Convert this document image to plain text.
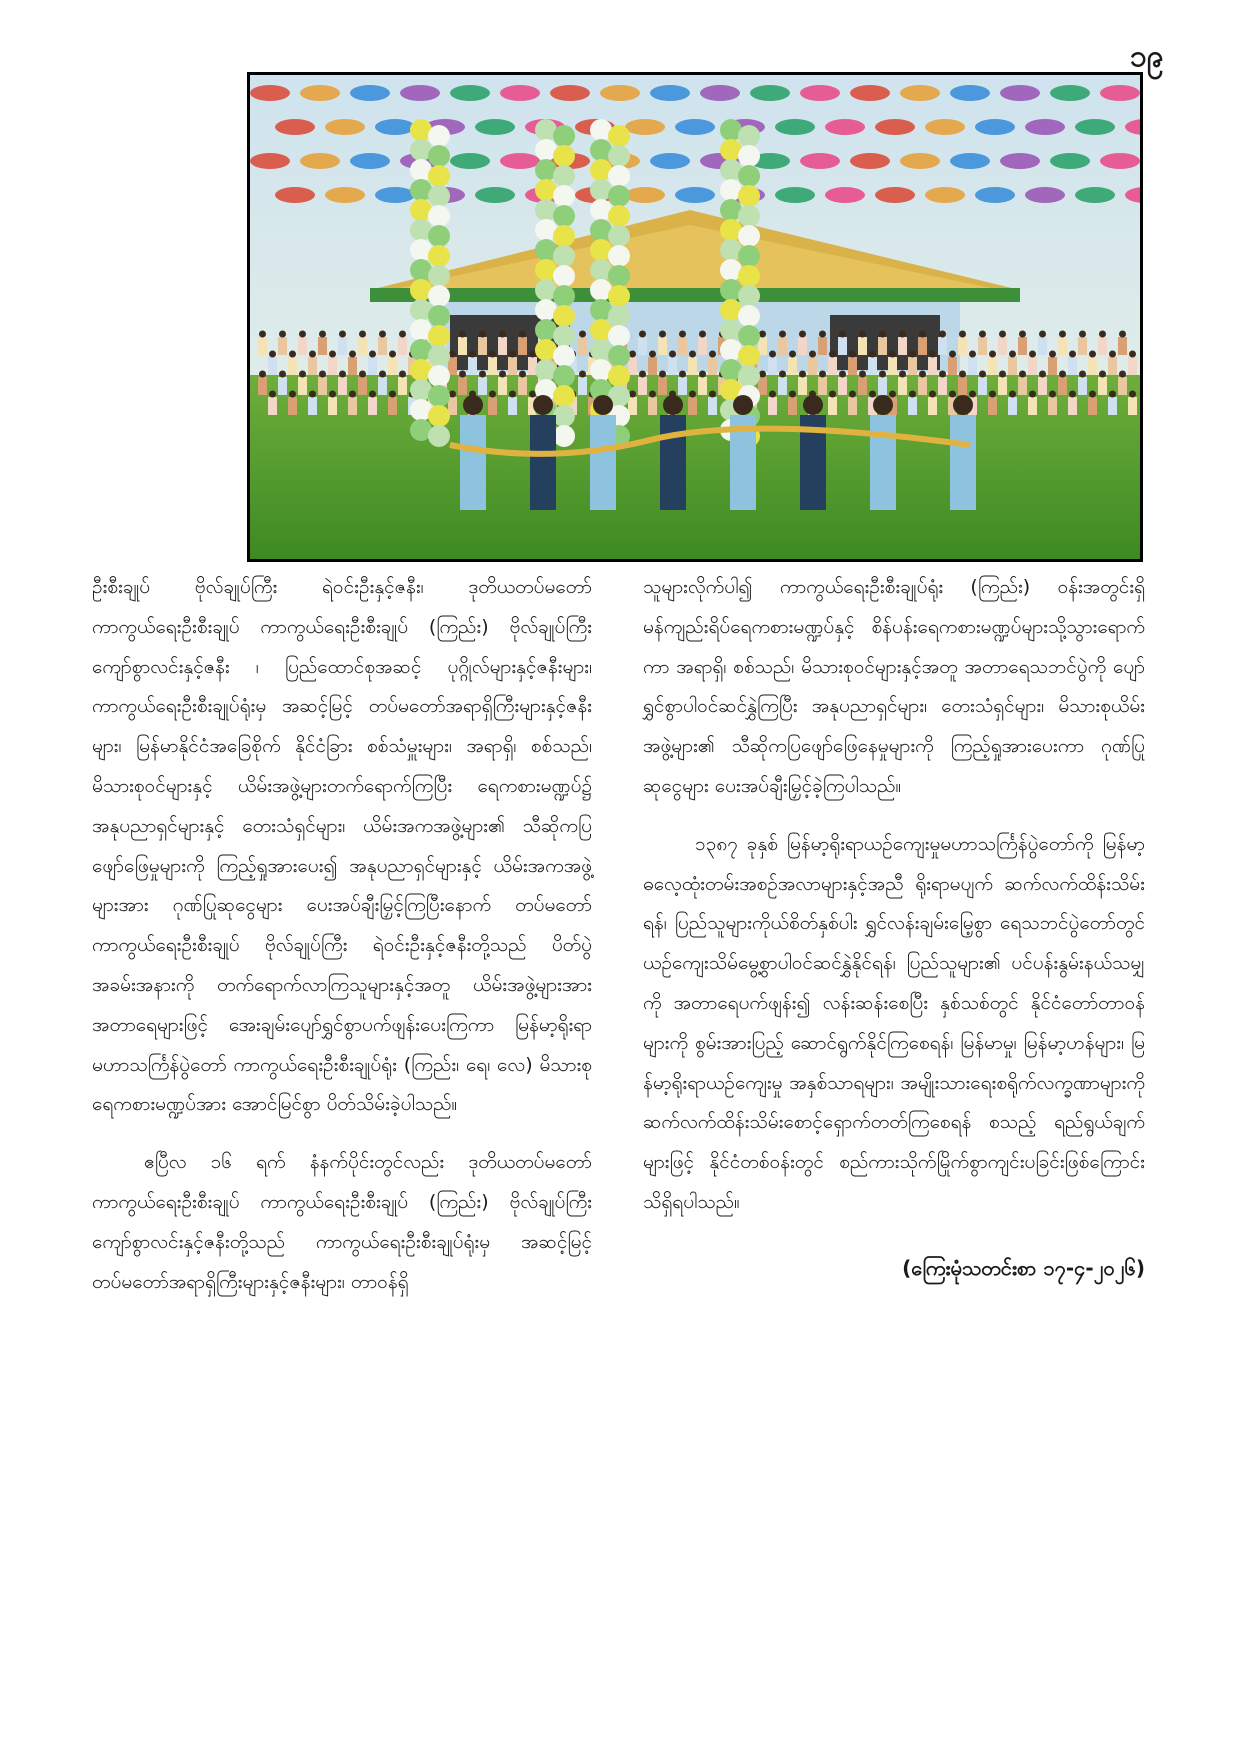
၁၉

ဦးစီးချုပ် ဗိုလ်ချုပ်ကြီး ရဲဝင်းဦးနှင့်ဇနီး၊ ဒုတိယတပ်မတော် ကာကွယ်ရေးဦးစီးချုပ် ကာကွယ်ရေးဦးစီးချုပ် (ကြည်း) ဗိုလ်ချုပ်ကြီး ကျော်စွာလင်းနှင့်ဇနီး ၊ ပြည်ထောင်စုအဆင့် ပုဂ္ဂိုလ်များနှင့်ဇနီးများ၊ ကာကွယ်ရေးဦးစီးချုပ်ရုံးမှ အဆင့်မြင့် တပ်မတော်အရာရှိကြီးများနှင့်ဇနီးများ၊ မြန်မာနိုင်ငံအခြေစိုက် နိုင်ငံခြား စစ်သံမှူးများ၊ အရာရှိ၊ စစ်သည်၊ မိသားစုဝင်များနှင့် ယိမ်းအဖွဲ့များတက်ရောက်ကြပြီး ရေကစားမဏ္ဍပ်၌ အနုပညာရှင်များနှင့် တေးသံရှင်များ၊ ယိမ်းအကအဖွဲ့များ၏ သီဆိုကပြဖျော်ဖြေမှုများကို ကြည့်ရှုအားပေး၍ အနုပညာရှင်များနှင့် ယိမ်းအကအဖွဲ့များအား ဂုဏ်ပြုဆုငွေများ ပေးအပ်ချီးမြှင့်ကြပြီးနောက် တပ်မတော်ကာကွယ်ရေးဦးစီးချုပ် ဗိုလ်ချုပ်ကြီး ရဲဝင်းဦးနှင့်ဇနီးတို့သည် ပိတ်ပွဲအခမ်းအနားကို တက်ရောက်လာကြသူများနှင့်အတူ ယိမ်းအဖွဲ့များအား အတာရေများဖြင့် အေးချမ်းပျော်ရွှင်စွာပက်ဖျန်းပေးကြကာ မြန်မာ့ရိုးရာမဟာသင်္ကြန်ပွဲတော် ကာကွယ်ရေးဦးစီးချုပ်ရုံး (ကြည်း၊ ရေ၊ လေ) မိသားစုရေကစားမဏ္ဍပ်အား အောင်မြင်စွာ ပိတ်သိမ်းခဲ့ပါသည်။

ဧပြီလ ၁၆ ရက် နံနက်ပိုင်းတွင်လည်း ဒုတိယတပ်မတော် ကာကွယ်ရေးဦးစီးချုပ် ကာကွယ်ရေးဦးစီးချုပ် (ကြည်း) ဗိုလ်ချုပ်ကြီး ကျော်စွာလင်းနှင့်ဇနီးတို့သည် ကာကွယ်ရေးဦးစီးချုပ်ရုံးမှ အဆင့်မြင့်တပ်မတော်အရာရှိကြီးများနှင့်ဇနီးများ၊ တာဝန်ရှိ

သူများလိုက်ပါ၍ ကာကွယ်ရေးဦးစီးချုပ်ရုံး (ကြည်း) ဝန်းအတွင်းရှိ မန်ကျည်းရိပ်ရေကစားမဏ္ဍပ်နှင့် စိန်ပန်းရေကစားမဏ္ဍပ်များသို့သွားရောက်ကာ အရာရှိ၊ စစ်သည်၊ မိသားစုဝင်များနှင့်အတူ အတာရေသဘင်ပွဲကို ပျော်ရွှင်စွာပါဝင်ဆင်နွှဲကြပြီး အနုပညာရှင်များ၊ တေးသံရှင်များ၊ မိသားစုယိမ်းအဖွဲ့များ၏ သီဆိုကပြဖျော်ဖြေနေမှုများကို ကြည့်ရှုအားပေးကာ ဂုဏ်ပြုဆုငွေများ ပေးအပ်ချီးမြှင့်ခဲ့ကြပါသည်။

၁၃၈၇ ခုနှစ် မြန်မာ့ရိုးရာယဉ်ကျေးမှုမဟာသင်္ကြန်ပွဲတော်ကို မြန်မာ့ဓလေ့ထုံးတမ်းအစဉ်အလာများနှင့်အညီ ရိုးရာမပျက် ဆက်လက်ထိန်းသိမ်းရန်၊ ပြည်သူများကိုယ်စိတ်နှစ်ပါး ရွှင်လန်းချမ်းမြေ့စွာ ရေသဘင်ပွဲတော်တွင် ယဉ်ကျေးသိမ်မွေ့စွာပါဝင်ဆင်နွှဲနိုင်ရန်၊ ပြည်သူများ၏ ပင်ပန်းနွမ်းနယ်သမျှကို အတာရေပက်ဖျန်း၍ လန်းဆန်းစေပြီး နှစ်သစ်တွင် နိုင်ငံတော်တာဝန်များကို စွမ်းအားပြည့် ဆောင်ရွက်နိုင်ကြစေရန်၊ မြန်မာမှု၊ မြန်မာ့ဟန်များ၊ မြန်မာ့ရိုးရာယဉ်ကျေးမှု အနှစ်သာရများ၊ အမျိုးသားရေးစရိုက်လက္ခဏာများကို ဆက်လက်ထိန်းသိမ်းစောင့်ရှောက်တတ်ကြစေရန် စသည့် ရည်ရွယ်ချက်များဖြင့် နိုင်ငံတစ်ဝန်းတွင် စည်ကားသိုက်မြိုက်စွာကျင်းပခြင်းဖြစ်ကြောင်း သိရှိရပါသည်။

(ကြေးမုံသတင်းစာ ၁၇-၄-၂၀၂၆)
